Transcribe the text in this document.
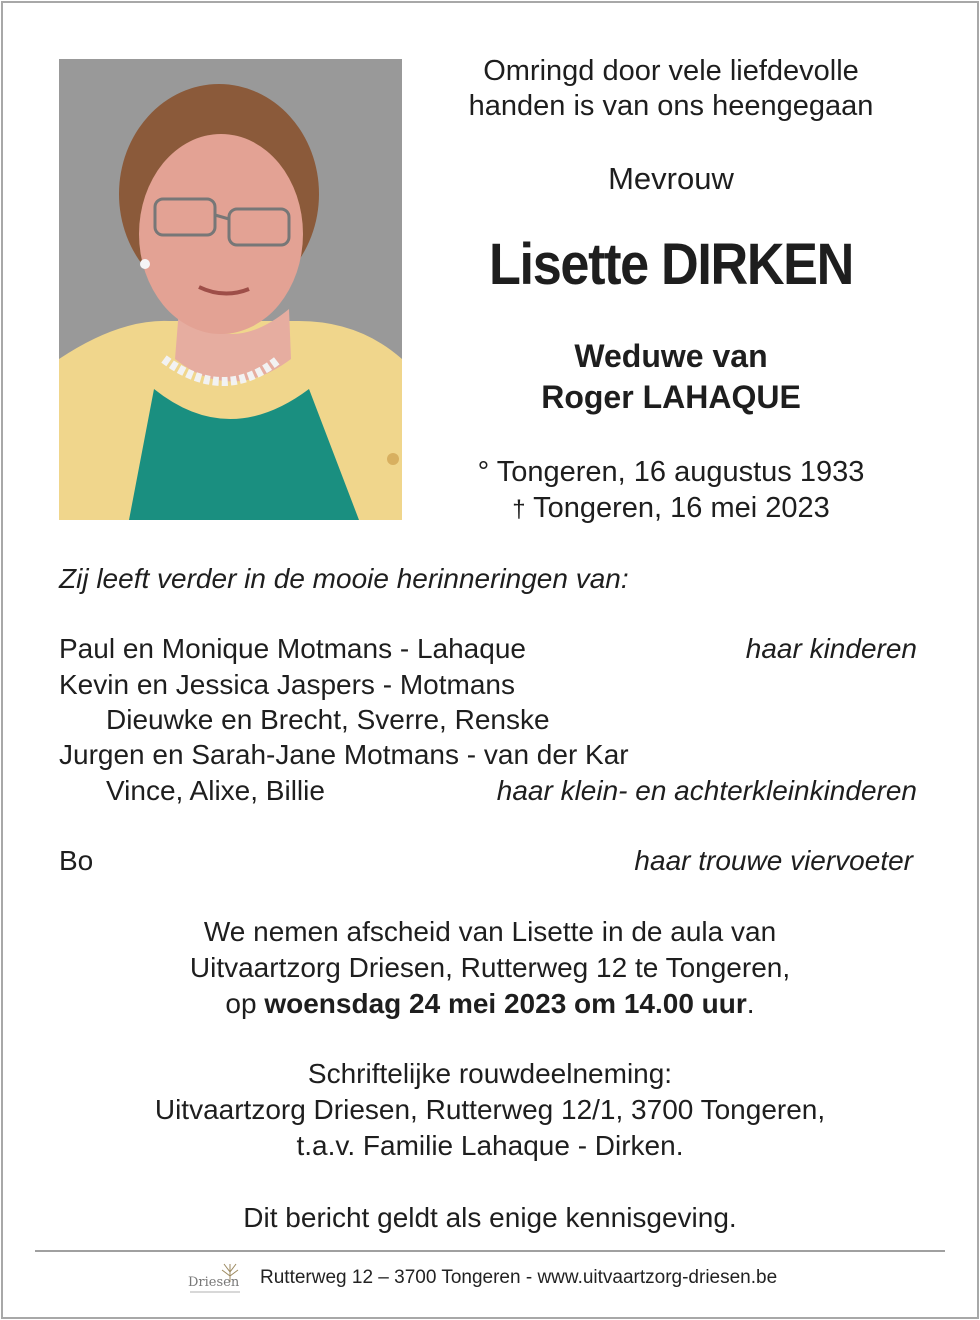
Omringd door vele liefdevolle
handen is van ons heengegaan
Mevrouw
Lisette DIRKEN
Weduwe van
Roger LAHAQUE
° Tongeren, 16 augustus 1933
† Tongeren, 16 mei 2023
Zij leeft verder in de mooie herinneringen van:
Paul en Monique Motmans - Lahaque	haar kinderen
Kevin en Jessica Jaspers - Motmans
Dieuwke en Brecht, Sverre, Renske
Jurgen en Sarah-Jane Motmans - van der Kar
Vince, Alixe, Billie	haar klein- en achterkleinkinderen
Bo	haar trouwe viervoeter
We nemen afscheid van Lisette in de aula van
Uitvaartzorg Driesen, Rutterweg 12 te Tongeren,
op woensdag 24 mei 2023 om 14.00 uur.
Schriftelijke rouwdeelneming:
Uitvaartzorg Driesen, Rutterweg 12/1, 3700 Tongeren,
t.a.v. Familie Lahaque - Dirken.
Dit bericht geldt als enige kennisgeving.
Driesen Rutterweg 12 – 3700 Tongeren - www.uitvaartzorg-driesen.be
